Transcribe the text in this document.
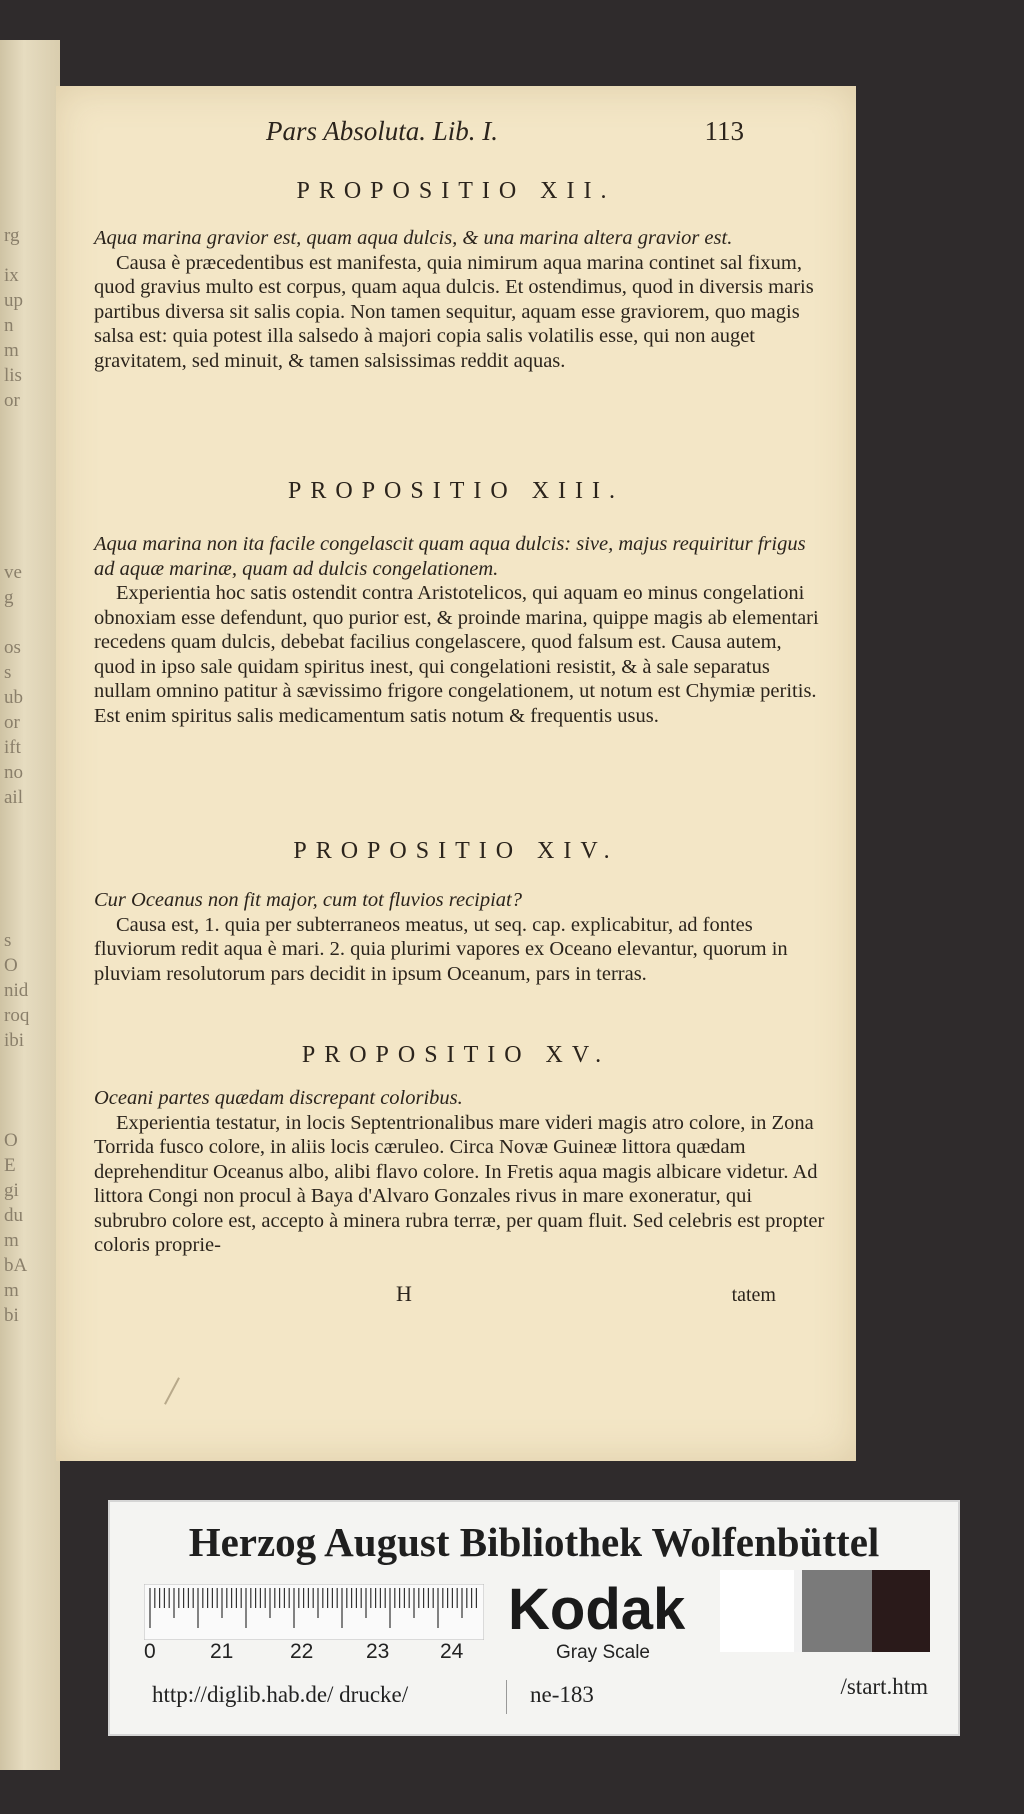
rg
ix
up
n
m
lis
or
ve
g
os
s
ub
or
ift
no
ail
s
O
nid
roq
ibi
O
E
gi
du
m
bA
m
bi
Pars Absoluta. Lib. I.	113
PROPOSITIO XII.
Aqua marina gravior est, quam aqua dulcis, & una marina altera gravior est.
Causa è præcedentibus est manifesta, quia nimirum aqua marina continet sal fixum, quod gravius multo est corpus, quam aqua dulcis. Et ostendimus, quod in diversis maris partibus diversa sit salis copia. Non tamen sequitur, aquam esse graviorem, quo magis salsa est: quia potest illa salsedo à majori copia salis volatilis esse, qui non auget gravitatem, sed minuit, & tamen salsissimas reddit aquas.
PROPOSITIO XIII.
Aqua marina non ita facile congelascit quam aqua dulcis: sive, majus requiritur frigus ad aquæ marinæ, quam ad dulcis congelationem.
Experientia hoc satis ostendit contra Aristotelicos, qui aquam eo minus congelationi obnoxiam esse defendunt, quo purior est, & proinde marina, quippe magis ab elementari recedens quam dulcis, debebat facilius congelascere, quod falsum est. Causa autem, quod in ipso sale quidam spiritus inest, qui congelationi resistit, & à sale separatus nullam omnino patitur à sævissimo frigore congelationem, ut notum est Chymiæ peritis. Est enim spiritus salis medicamentum satis notum & frequentis usus.
PROPOSITIO XIV.
Cur Oceanus non fit major, cum tot fluvios recipiat?
Causa est, 1. quia per subterraneos meatus, ut seq. cap. explicabitur, ad fontes fluviorum redit aqua è mari. 2. quia plurimi vapores ex Oceano elevantur, quorum in pluviam resolutorum pars decidit in ipsum Oceanum, pars in terras.
PROPOSITIO XV.
Oceani partes quædam discrepant coloribus.
Experientia testatur, in locis Septentrionalibus mare videri magis atro colore, in Zona Torrida fusco colore, in aliis locis cæruleo. Circa Novæ Guineæ littora quædam deprehenditur Oceanus albo, alibi flavo colore. In Fretis aqua magis albicare videtur. Ad littora Congi non procul à Baya d'Alvaro Gonzales rivus in mare exoneratur, qui subrubro colore est, accepto à minera rubra terræ, per quam fluit. Sed celebris est propter coloris proprie-
H	tatem
Herzog August Bibliothek Wolfenbüttel
0	21	22	23 24
Kodak
Gray Scale
http://diglib.hab.de/ drucke/	ne-183	/start.htm
